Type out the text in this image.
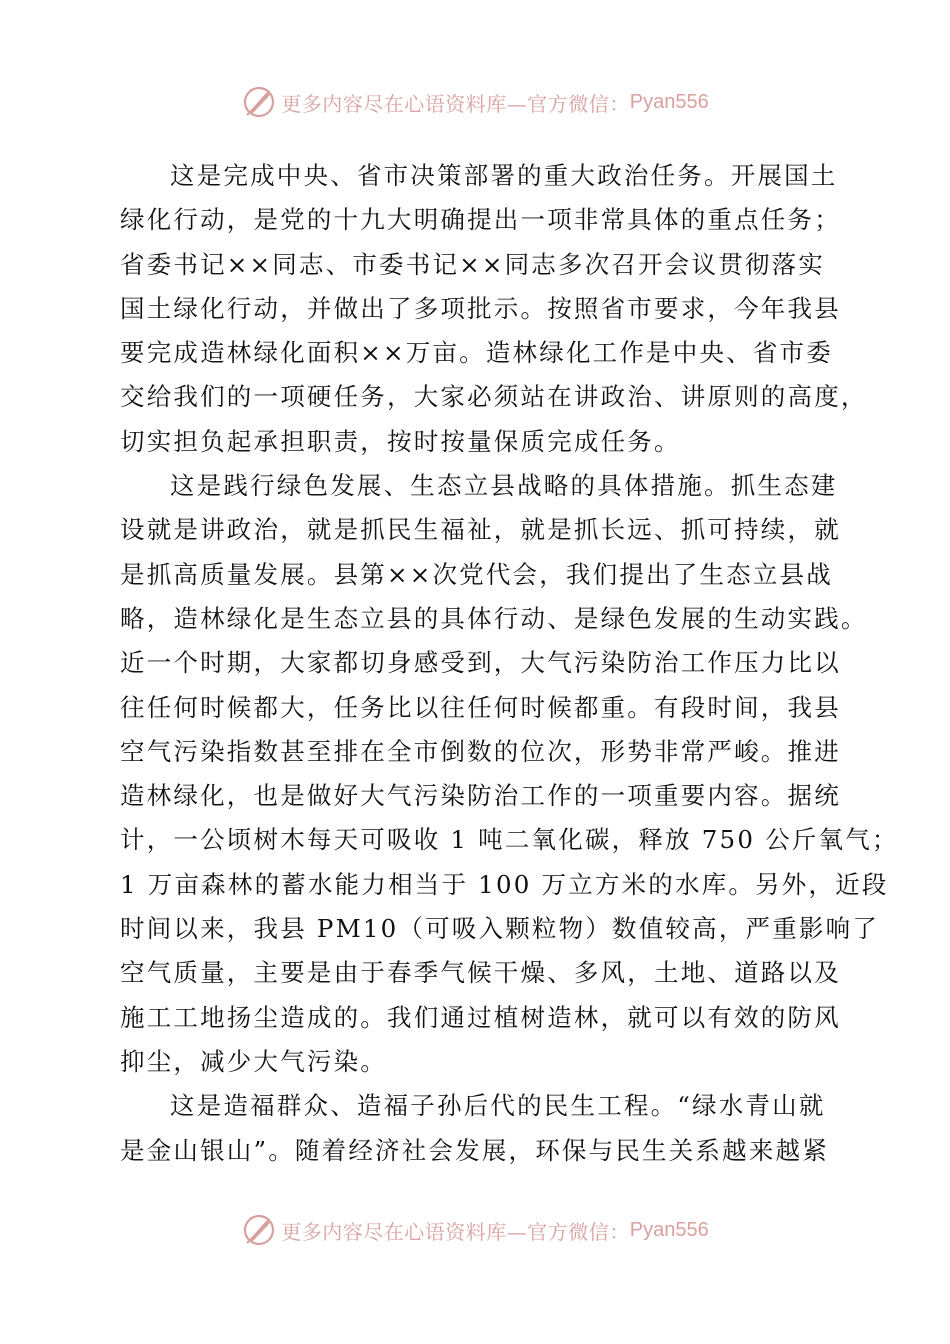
更多内容尽在心语资料库—官方微信： Pyan556
这是完成中央、省市决策部署的重大政治任务。开展国土
绿化行动，是党的十九大明确提出一项非常具体的重点任务；
省委书记××同志、市委书记××同志多次召开会议贯彻落实
国土绿化行动，并做出了多项批示。按照省市要求，今年我县
要完成造林绿化面积××万亩。造林绿化工作是中央、省市委
交给我们的一项硬任务，大家必须站在讲政治、讲原则的高度，
切实担负起承担职责，按时按量保质完成任务。
这是践行绿色发展、生态立县战略的具体措施。抓生态建
设就是讲政治，就是抓民生福祉，就是抓长远、抓可持续，就
是抓高质量发展。县第××次党代会，我们提出了生态立县战
略，造林绿化是生态立县的具体行动、是绿色发展的生动实践。
近一个时期，大家都切身感受到，大气污染防治工作压力比以
往任何时候都大，任务比以往任何时候都重。有段时间，我县
空气污染指数甚至排在全市倒数的位次，形势非常严峻。推进
造林绿化，也是做好大气污染防治工作的一项重要内容。据统
计，一公顷树木每天可吸收 1 吨二氧化碳，释放 750 公斤氧气；
1 万亩森林的蓄水能力相当于 100 万立方米的水库。另外，近段
时间以来，我县 PM10（可吸入颗粒物）数值较高，严重影响了
空气质量，主要是由于春季气候干燥、多风，土地、道路以及
施工工地扬尘造成的。我们通过植树造林，就可以有效的防风
抑尘，减少大气污染。
这是造福群众、造福子孙后代的民生工程。“绿水青山就
是金山银山”。随着经济社会发展，环保与民生关系越来越紧
更多内容尽在心语资料库—官方微信： Pyan556
